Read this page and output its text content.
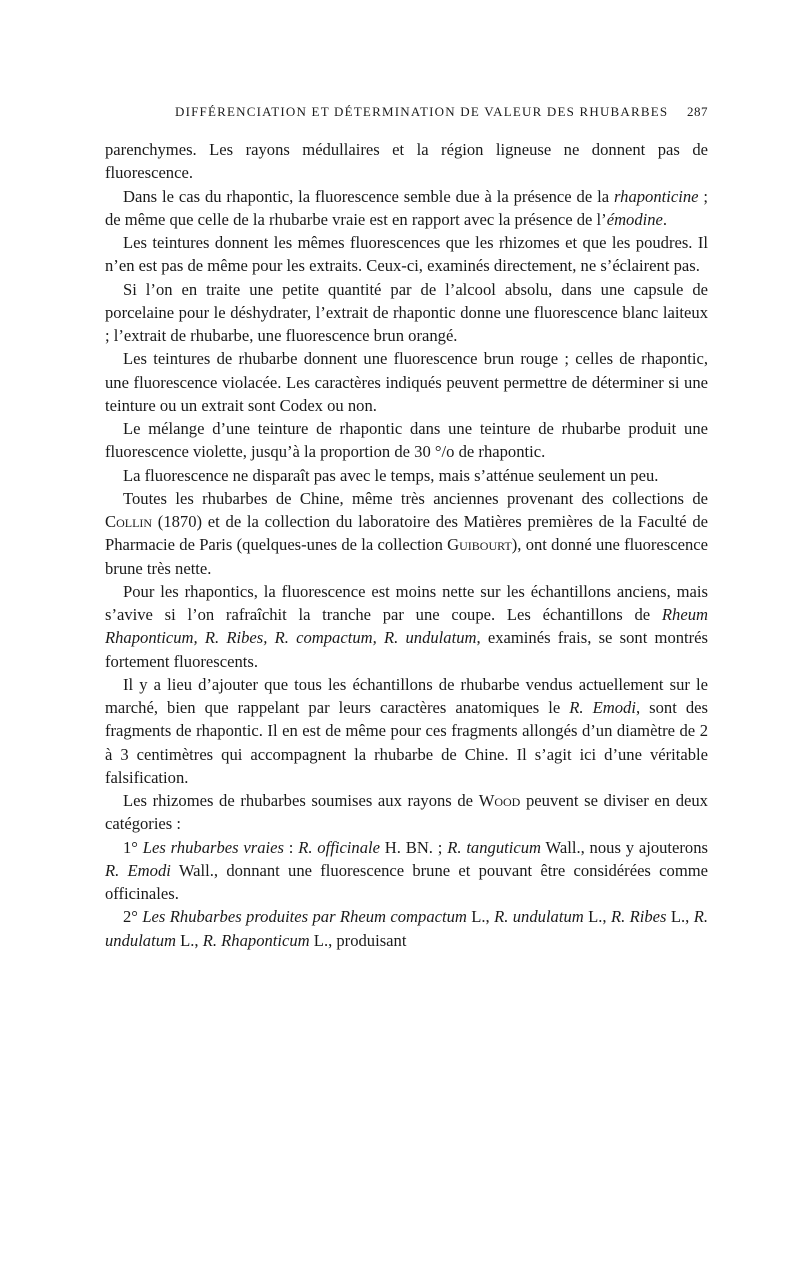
DIFFÉRENCIATION ET DÉTERMINATION DE VALEUR DES RHUBARBES 287

parenchymes. Les rayons médullaires et la région ligneuse ne donnent pas de fluorescence.

Dans le cas du rhapontic, la fluorescence semble due à la présence de la rhaponticine ; de même que celle de la rhubarbe vraie est en rapport avec la présence de l’émodine.

Les teintures donnent les mêmes fluorescences que les rhizomes et que les poudres. Il n’en est pas de même pour les extraits. Ceux-ci, examinés directement, ne s’éclairent pas.

Si l’on en traite une petite quantité par de l’alcool absolu, dans une capsule de porcelaine pour le déshydrater, l’extrait de rhapontic donne une fluorescence blanc laiteux ; l’extrait de rhubarbe, une fluorescence brun orangé.

Les teintures de rhubarbe donnent une fluorescence brun rouge ; celles de rhapontic, une fluorescence violacée. Les caractères indiqués peuvent permettre de déterminer si une teinture ou un extrait sont Codex ou non.

Le mélange d’une teinture de rhapontic dans une teinture de rhubarbe produit une fluorescence violette, jusqu’à la proportion de 30 °/o de rhapontic.

La fluorescence ne disparaît pas avec le temps, mais s’atténue seulement un peu.

Toutes les rhubarbes de Chine, même très anciennes provenant des collections de Collin (1870) et de la collection du laboratoire des Matières premières de la Faculté de Pharmacie de Paris (quelques-unes de la collection Guibourt), ont donné une fluorescence brune très nette.

Pour les rhapontics, la fluorescence est moins nette sur les échantillons anciens, mais s’avive si l’on rafraîchit la tranche par une coupe. Les échantillons de Rheum Rhaponticum, R. Ribes, R. compactum, R. undulatum, examinés frais, se sont montrés fortement fluorescents.

Il y a lieu d’ajouter que tous les échantillons de rhubarbe vendus actuellement sur le marché, bien que rappelant par leurs caractères anatomiques le R. Emodi, sont des fragments de rhapontic. Il en est de même pour ces fragments allongés d’un diamètre de 2 à 3 centimètres qui accompagnent la rhubarbe de Chine. Il s’agit ici d’une véritable falsification.

Les rhizomes de rhubarbes soumises aux rayons de Wood peuvent se diviser en deux catégories :

1° Les rhubarbes vraies : R. officinale H. BN. ; R. tanguticum Wall., nous y ajouterons R. Emodi Wall., donnant une fluorescence brune et pouvant être considérées comme officinales.

2° Les Rhubarbes produites par Rheum compactum L., R. undulatum L., R. Ribes L., R. undulatum L., R. Rhaponticum L., produisant
